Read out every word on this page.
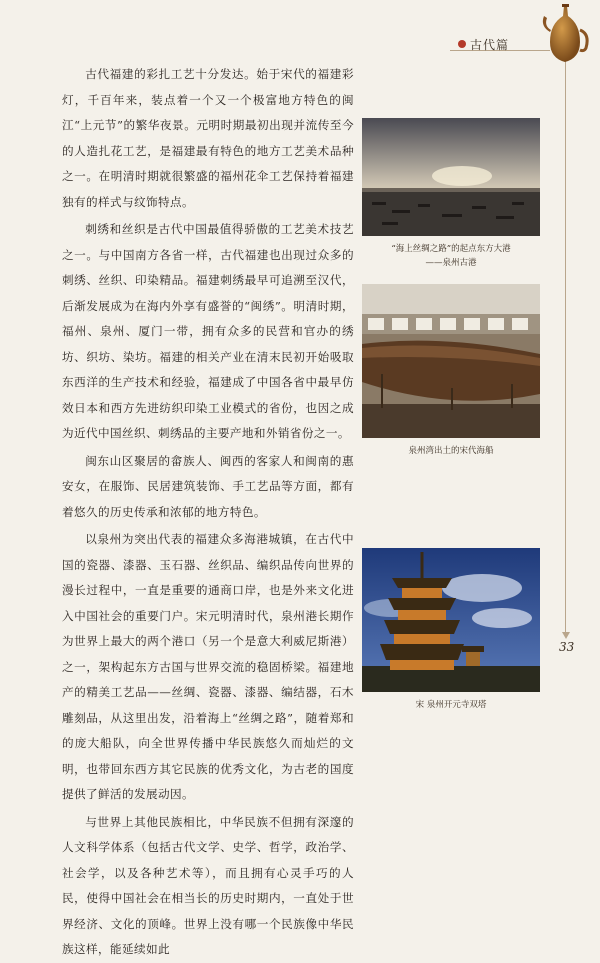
古代篇
33

古代福建的彩扎工艺十分发达。始于宋代的福建彩灯，千百年来，装点着一个又一个极富地方特色的闽江“上元节”的繁华夜景。元明时期最初出现并流传至今的人造扎花工艺，是福建最有特色的地方工艺美术品种之一。在明清时期就很繁盛的福州花伞工艺保持着福建独有的样式与纹饰特点。

刺绣和丝织是古代中国最值得骄傲的工艺美术技艺之一。与中国南方各省一样，古代福建也出现过众多的刺绣、丝织、印染精品。福建刺绣最早可追溯至汉代，后渐发展成为在海内外享有盛誉的“闽绣”。明清时期，福州、泉州、厦门一带，拥有众多的民营和官办的绣坊、织坊、染坊。福建的相关产业在清末民初开始吸取东西洋的生产技术和经验，福建成了中国各省中最早仿效日本和西方先进纺织印染工业模式的省份，也因之成为近代中国丝织、刺绣品的主要产地和外销省份之一。

闽东山区聚居的畲族人、闽西的客家人和闽南的惠安女，在服饰、民居建筑装饰、手工艺品等方面，都有着悠久的历史传承和浓郁的地方特色。

以泉州为突出代表的福建众多海港城镇，在古代中国的瓷器、漆器、玉石器、丝织品、编织品传向世界的漫长过程中，一直是重要的通商口岸，也是外来文化进入中国社会的重要门户。宋元明清时代，泉州港长期作为世界上最大的两个港口（另一个是意大利威尼斯港）之一，架构起东方古国与世界交流的稳固桥梁。福建地产的精美工艺品——丝绸、瓷器、漆器、编结器，石木雕刻品，从这里出发，沿着海上“丝绸之路”，随着郑和的庞大船队，向全世界传播中华民族悠久而灿烂的文明，也带回东西方其它民族的优秀文化，为古老的国度提供了鲜活的发展动因。

与世界上其他民族相比，中华民族不但拥有深邃的人文科学体系（包括古代文学、史学、哲学，政治学、社会学，以及各种艺术等），而且拥有心灵手巧的人民，使得中国社会在相当长的历史时期内，一直处于世界经济、文化的顶峰。世界上没有哪一个民族像中华民族这样，能延续如此

“海上丝绸之路”的起点东方大港
——泉州古港
泉州湾出土的宋代海船
宋 泉州开元寺双塔
